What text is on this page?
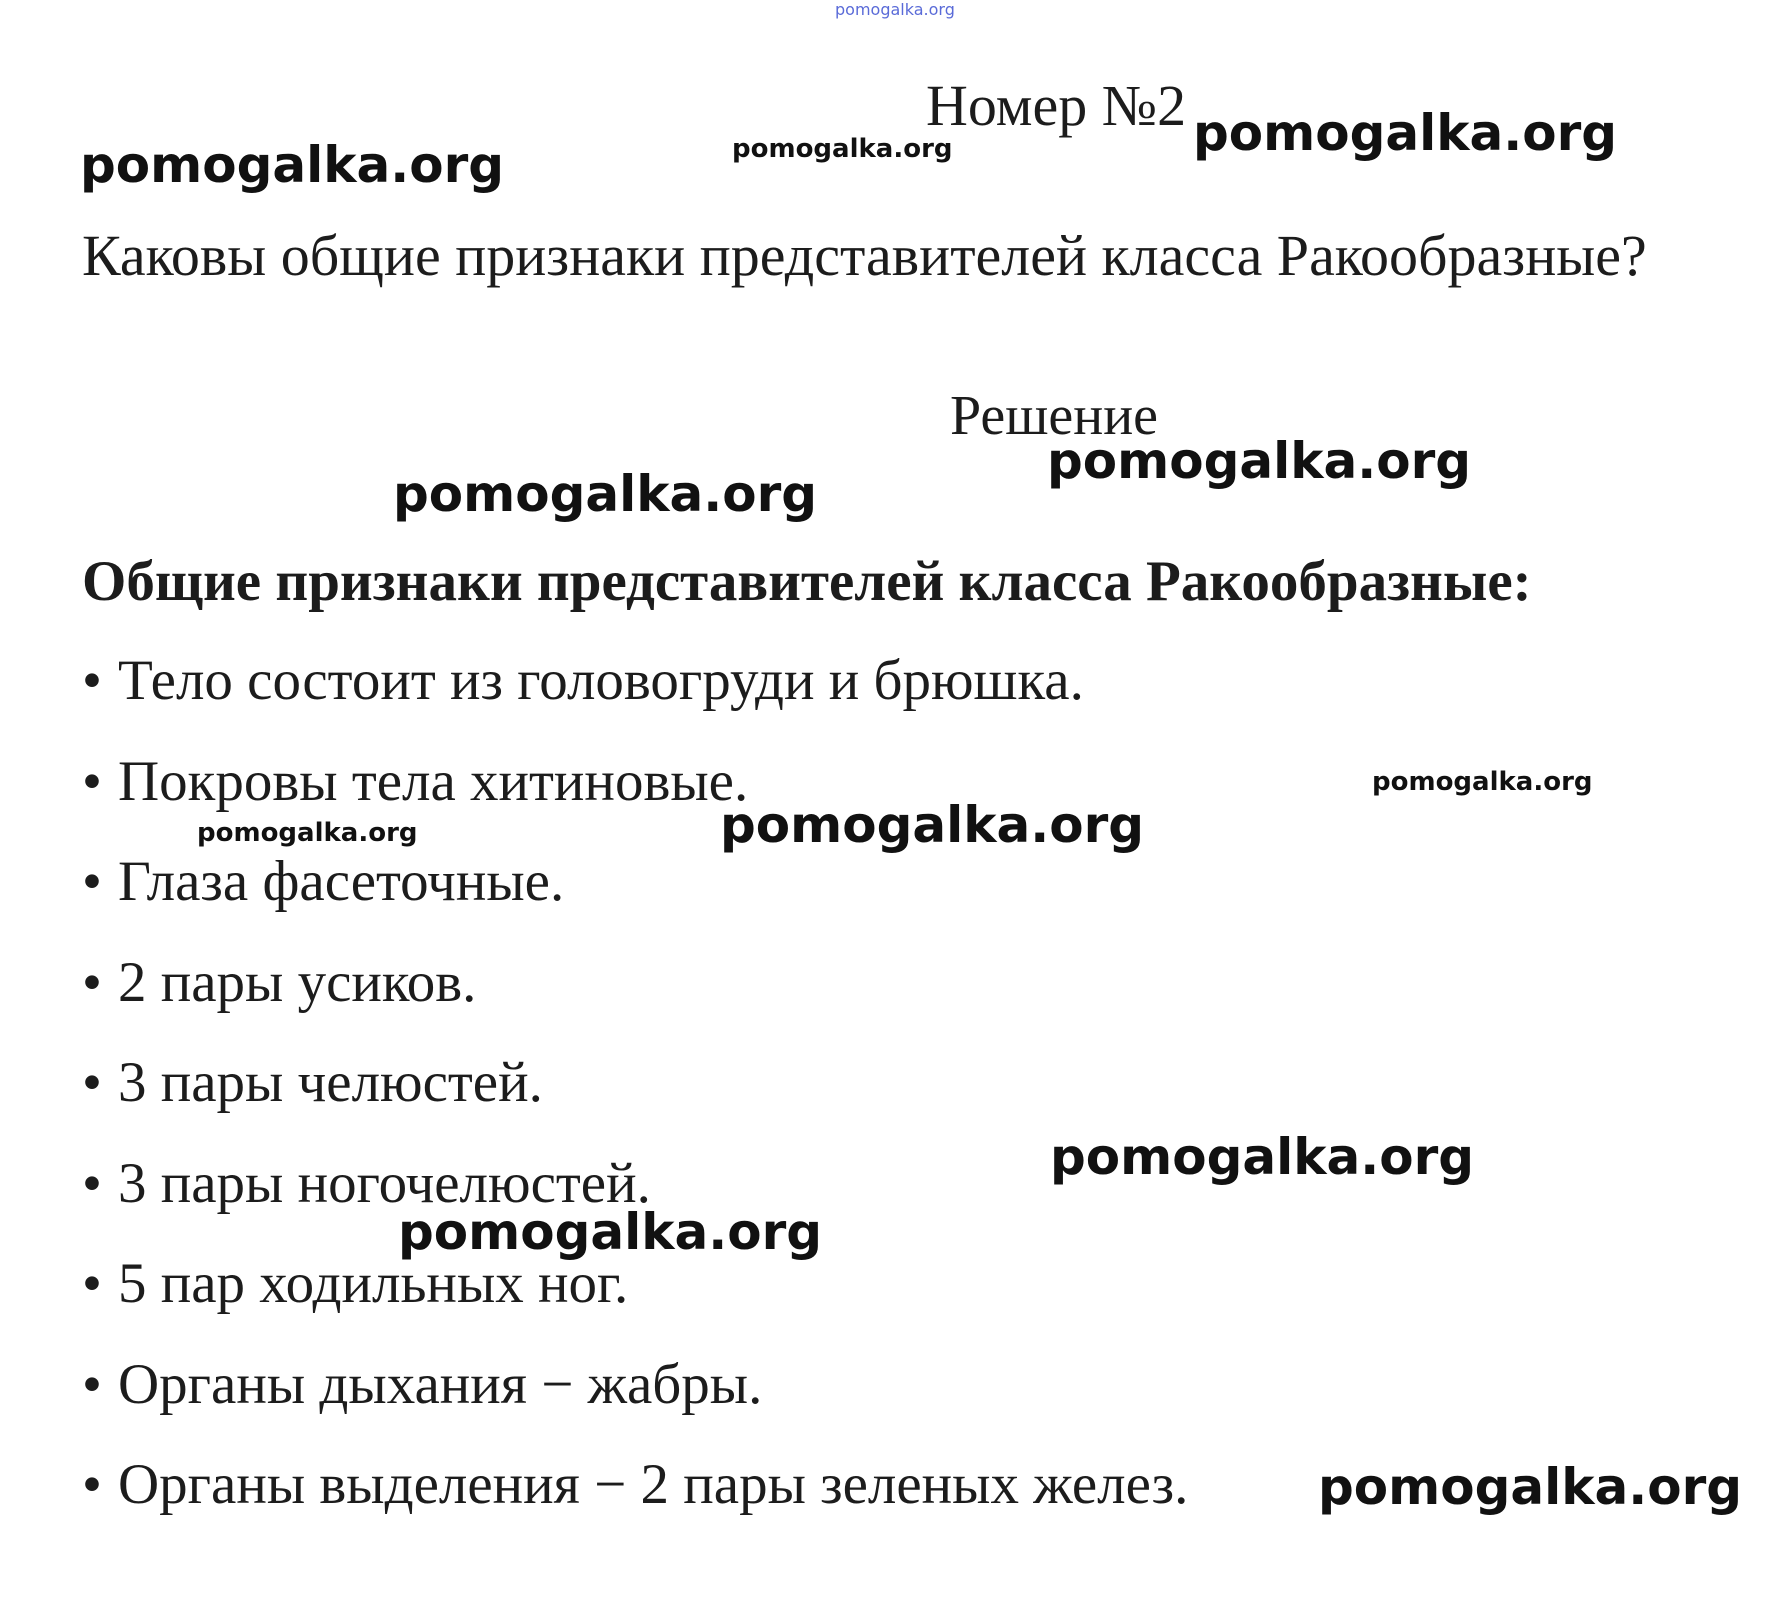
pomogalka.org
Номер №2
Каковы общие признаки представителей класса Ракообразные?
Решение
Общие признаки представителей класса Ракообразные:
• Тело состоит из головогруди и брюшка.
• Покровы тела хитиновые.
• Глаза фасеточные.
• 2 пары усиков.
• 3 пары челюстей.
• 3 пары ногочелюстей.
• 5 пар ходильных ног.
• Органы дыхания − жабры.
• Органы выделения − 2 пары зеленых желез.
pomogalka.org	pomogalka.org	pomogalka.org
pomogalka.org
pomogalka.org
pomogalka.org
pomogalka.org
pomogalka.org
pomogalka.org
pomogalka.org
pomogalka.org
